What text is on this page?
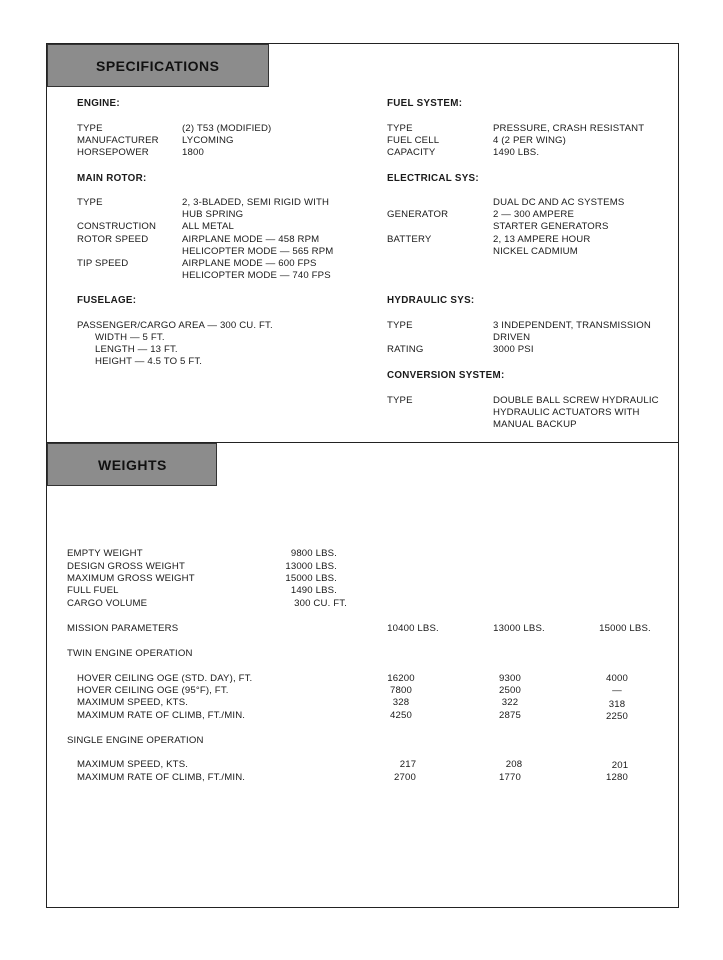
SPECIFICATIONS
ENGINE:
TYPE	(2) T53 (MODIFIED)
MANUFACTURER LYCOMING
HORSEPOWER	1800
MAIN ROTOR:
TYPE	2, 3-BLADED, SEMI RIGID WITH
HUB SPRING
CONSTRUCTION	ALL METAL
ROTOR SPEED	AIRPLANE MODE — 458 RPM
HELICOPTER MODE — 565 RPM
TIP SPEED	AIRPLANE MODE — 600 FPS
HELICOPTER MODE — 740 FPS
FUSELAGE:
PASSENGER/CARGO AREA — 300 CU. FT.
WIDTH — 5 FT.
LENGTH — 13 FT.
HEIGHT — 4.5 TO 5 FT.
FUEL SYSTEM:
TYPE	PRESSURE, CRASH RESISTANT
FUEL CELL	4 (2 PER WING)
CAPACITY	1490 LBS.
ELECTRICAL SYS:
DUAL DC AND AC SYSTEMS
GENERATOR	2 — 300 AMPERE
STARTER GENERATORS
BATTERY	2, 13 AMPERE HOUR
NICKEL CADMIUM
HYDRAULIC SYS:
TYPE	3 INDEPENDENT, TRANSMISSION
DRIVEN
RATING	3000 PSI
CONVERSION SYSTEM:
TYPE	DOUBLE BALL SCREW HYDRAULIC
HYDRAULIC ACTUATORS WITH
MANUAL BACKUP
WEIGHTS
EMPTY WEIGHT	9800 LBS.
DESIGN GROSS WEIGHT	13000 LBS.
MAXIMUM GROSS WEIGHT	15000 LBS.
FULL FUEL	1490 LBS.
CARGO VOLUME	300 CU. FT.
MISSION PARAMETERS	10400 LBS.	13000 LBS.	15000 LBS.
TWIN ENGINE OPERATION
HOVER CEILING OGE (STD. DAY), FT.	16200	9300	4000
HOVER CEILING OGE (95°F), FT.	7800	2500	—
MAXIMUM SPEED, KTS.	328	322	318
MAXIMUM RATE OF CLIMB, FT./MIN.	4250	2875	2250
SINGLE ENGINE OPERATION
MAXIMUM SPEED, KTS.	217	208	201
MAXIMUM RATE OF CLIMB, FT./MIN.	2700	1770	1280
